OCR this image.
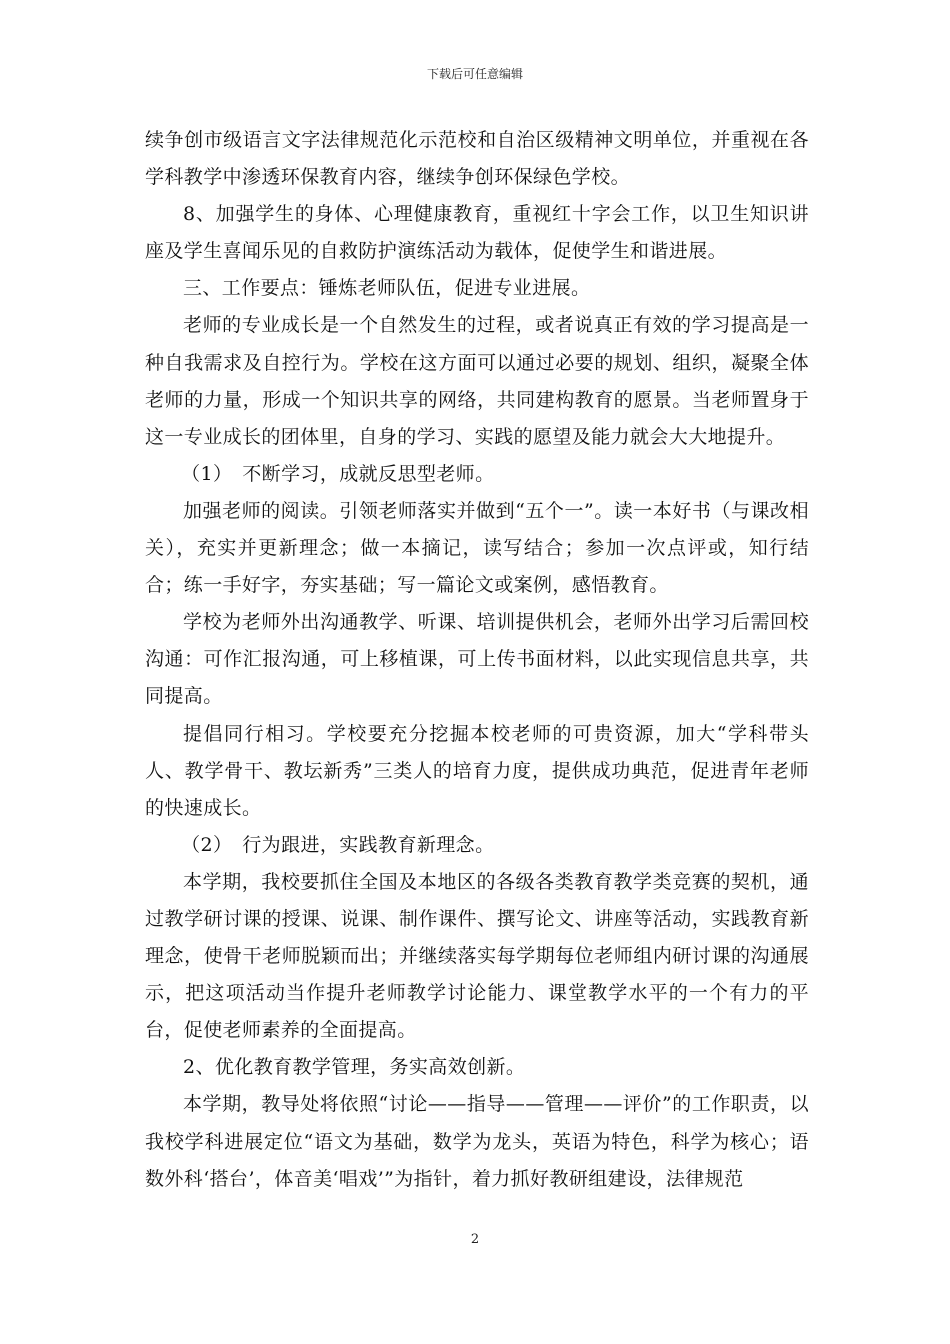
下载后可任意编辑

续争创市级语言文字法律规范化示范校和自治区级精神文明单位，并重视在各学科教学中渗透环保教育内容，继续争创环保绿色学校。

8、加强学生的身体、心理健康教育，重视红十字会工作，以卫生知识讲座及学生喜闻乐见的自救防护演练活动为载体，促使学生和谐进展。

三、工作要点：锤炼老师队伍，促进专业进展。

老师的专业成长是一个自然发生的过程，或者说真正有效的学习提高是一种自我需求及自控行为。学校在这方面可以通过必要的规划、组织，凝聚全体老师的力量，形成一个知识共享的网络，共同建构教育的愿景。当老师置身于这一专业成长的团体里，自身的学习、实践的愿望及能力就会大大地提升。

（1）　不断学习，成就反思型老师。

加强老师的阅读。引领老师落实并做到“五个一”。读一本好书（与课改相关），充实并更新理念；做一本摘记，读写结合；参加一次点评或，知行结合；练一手好字，夯实基础；写一篇论文或案例，感悟教育。

学校为老师外出沟通教学、听课、培训提供机会，老师外出学习后需回校沟通：可作汇报沟通，可上移植课，可上传书面材料，以此实现信息共享，共同提高。

提倡同行相习。学校要充分挖掘本校老师的可贵资源，加大“学科带头人、教学骨干、教坛新秀”三类人的培育力度，提供成功典范，促进青年老师的快速成长。

（2）　行为跟进，实践教育新理念。

本学期，我校要抓住全国及本地区的各级各类教育教学类竞赛的契机，通过教学研讨课的授课、说课、制作课件、撰写论文、讲座等活动，实践教育新理念，使骨干老师脱颖而出；并继续落实每学期每位老师组内研讨课的沟通展示，把这项活动当作提升老师教学讨论能力、课堂教学水平的一个有力的平台，促使老师素养的全面提高。

2、优化教育教学管理，务实高效创新。

本学期，教导处将依照“讨论——指导——管理——评价”的工作职责，以我校学科进展定位“语文为基础，数学为龙头，英语为特色，科学为核心；语数外科‘搭台’，体音美‘唱戏’”为指针，着力抓好教研组建设，法律规范

2
